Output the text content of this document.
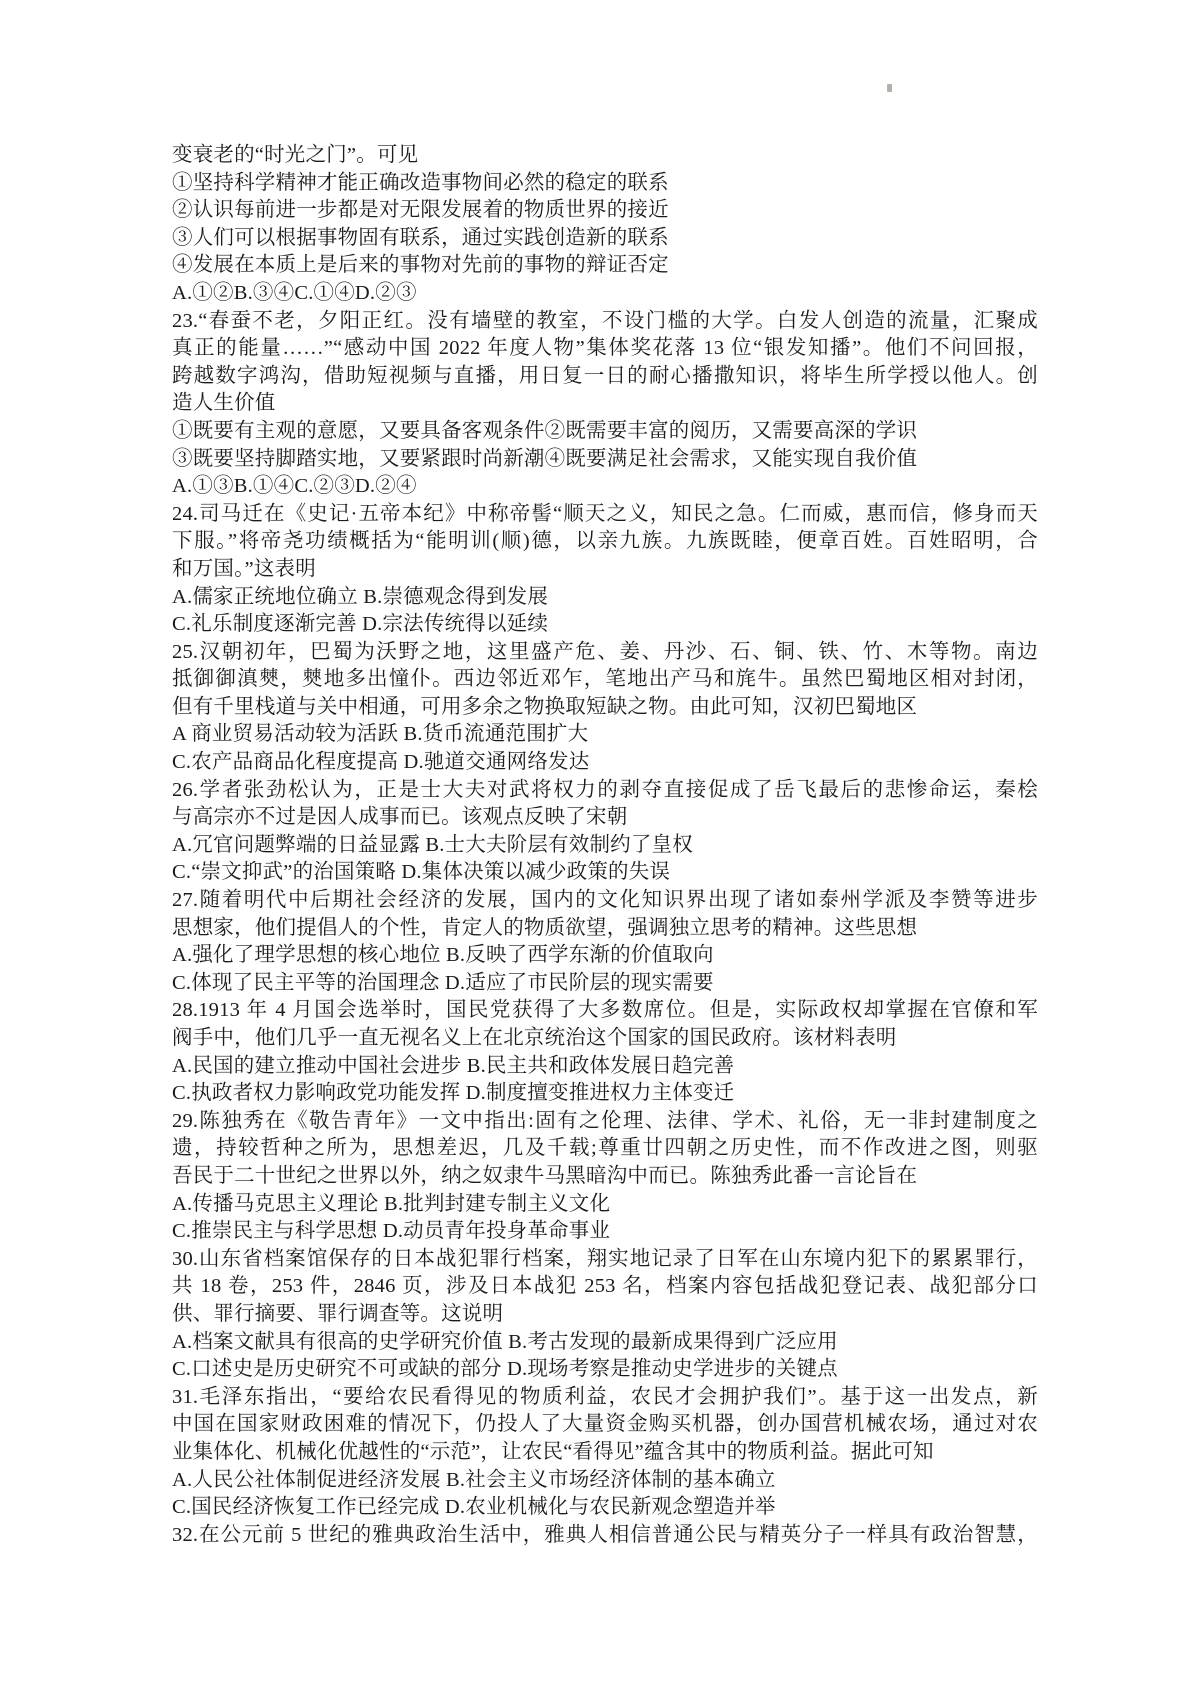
变衰老的“时光之门”。可见
①坚持科学精神才能正确改造事物间必然的稳定的联系
②认识每前进一步都是对无限发展着的物质世界的接近
③人们可以根据事物固有联系，通过实践创造新的联系
④发展在本质上是后来的事物对先前的事物的辩证否定
A.①②B.③④C.①④D.②③
23.“春蚕不老，夕阳正红。没有墙壁的教室，不设门槛的大学。白发人创造的流量，汇聚成
真正的能量……”“感动中国 2022 年度人物”集体奖花落 13 位“银发知播”。他们不问回报，
跨越数字鸿沟，借助短视频与直播，用日复一日的耐心播撒知识，将毕生所学授以他人。创
造人生价值
①既要有主观的意愿，又要具备客观条件②既需要丰富的阅历，又需要高深的学识
③既要坚持脚踏实地，又要紧跟时尚新潮④既要满足社会需求，又能实现自我价值
A.①③B.①④C.②③D.②④
24.司马迁在《史记·五帝本纪》中称帝髻“顺天之义，知民之急。仁而威，惠而信，修身而天
下服。”将帝尧功绩概括为“能明训(顺)德，以亲九族。九族既睦，便章百姓。百姓昭明，合
和万国。”这表明
A.儒家正统地位确立 B.崇德观念得到发展
C.礼乐制度逐渐完善 D.宗法传统得以延续
25.汉朝初年，巴蜀为沃野之地，这里盛产危、姜、丹沙、石、铜、铁、竹、木等物。南边
抵御御滇僰，僰地多出憧仆。西边邻近邓乍，笔地出产马和旄牛。虽然巴蜀地区相对封闭，
但有千里栈道与关中相通，可用多余之物换取短缺之物。由此可知，汉初巴蜀地区
A 商业贸易活动较为活跃 B.货币流通范围扩大
C.农产品商品化程度提高 D.驰道交通网络发达
26.学者张劲松认为，正是士大夫对武将权力的剥夺直接促成了岳飞最后的悲惨命运，秦桧
与高宗亦不过是因人成事而已。该观点反映了宋朝
A.冗官问题弊端的日益显露 B.士大夫阶层有效制约了皇权
C.“崇文抑武”的治国策略 D.集体决策以减少政策的失误
27.随着明代中后期社会经济的发展，国内的文化知识界出现了诸如泰州学派及李赞等进步
思想家，他们提倡人的个性，肯定人的物质欲望，强调独立思考的精神。这些思想
A.强化了理学思想的核心地位 B.反映了西学东渐的价值取向
C.体现了民主平等的治国理念 D.适应了市民阶层的现实需要
28.1913 年 4 月国会选举时，国民党获得了大多数席位。但是，实际政权却掌握在官僚和军
阀手中，他们几乎一直无视名义上在北京统治这个国家的国民政府。该材料表明
A.民国的建立推动中国社会进步 B.民主共和政体发展日趋完善
C.执政者权力影响政党功能发挥 D.制度擅变推进权力主体变迁
29.陈独秀在《敬告青年》一文中指出:固有之伦理、法律、学术、礼俗，无一非封建制度之
遗，持较哲种之所为，思想差迟，几及千载;尊重廿四朝之历史性，而不作改进之图，则驱
吾民于二十世纪之世界以外，纳之奴隶牛马黑暗沟中而已。陈独秀此番一言论旨在
A.传播马克思主义理论 B.批判封建专制主义文化
C.推崇民主与科学思想 D.动员青年投身革命事业
30.山东省档案馆保存的日本战犯罪行档案，翔实地记录了日军在山东境内犯下的累累罪行，
共 18 卷，253 件，2846 页，涉及日本战犯 253 名，档案内容包括战犯登记表、战犯部分口
供、罪行摘要、罪行调查等。这说明
A.档案文献具有很高的史学研究价值 B.考古发现的最新成果得到广泛应用
C.口述史是历史研究不可或缺的部分 D.现场考察是推动史学进步的关键点
31.毛泽东指出，“要给农民看得见的物质利益，农民才会拥护我们”。基于这一出发点，新
中国在国家财政困难的情况下，仍投人了大量资金购买机器，创办国营机械农场，通过对农
业集体化、机械化优越性的“示范”，让农民“看得见”蕴含其中的物质利益。据此可知
A.人民公社体制促进经济发展 B.社会主义市场经济体制的基本确立
C.国民经济恢复工作已经完成 D.农业机械化与农民新观念塑造并举
32.在公元前 5 世纪的雅典政治生活中，雅典人相信普通公民与精英分子一样具有政治智慧，
